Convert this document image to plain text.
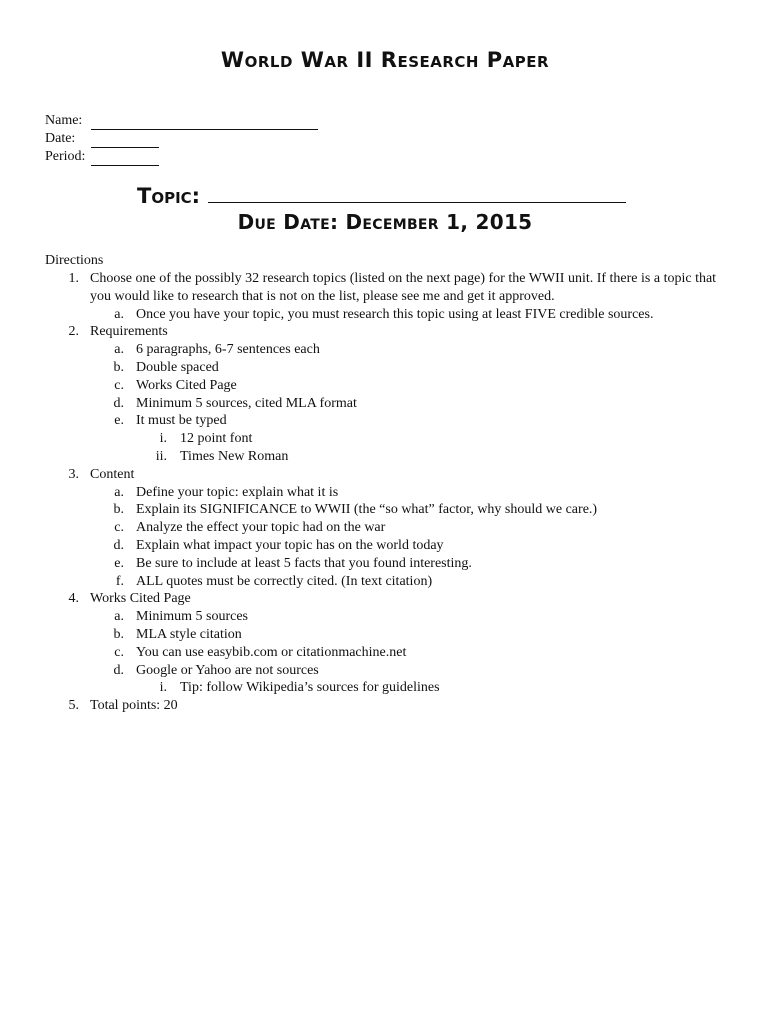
World War II Research Paper
Name:
Date:
Period:
Topic:
Due Date: December 1, 2015
Directions
1. Choose one of the possibly 32 research topics (listed on the next page) for the WWII unit. If there is a topic that you would like to research that is not on the list, please see me and get it approved.
a. Once you have your topic, you must research this topic using at least FIVE credible sources.
2. Requirements
a. 6 paragraphs, 6-7 sentences each
b. Double spaced
c. Works Cited Page
d. Minimum 5 sources, cited MLA format
e. It must be typed
i. 12 point font
ii. Times New Roman
3. Content
a. Define your topic: explain what it is
b. Explain its SIGNIFICANCE to WWII (the “so what” factor, why should we care.)
c. Analyze the effect your topic had on the war
d. Explain what impact your topic has on the world today
e. Be sure to include at least 5 facts that you found interesting.
f. ALL quotes must be correctly cited. (In text citation)
4. Works Cited Page
a. Minimum 5 sources
b. MLA style citation
c. You can use easybib.com or citationmachine.net
d. Google or Yahoo are not sources
i. Tip: follow Wikipedia’s sources for guidelines
5. Total points: 20
